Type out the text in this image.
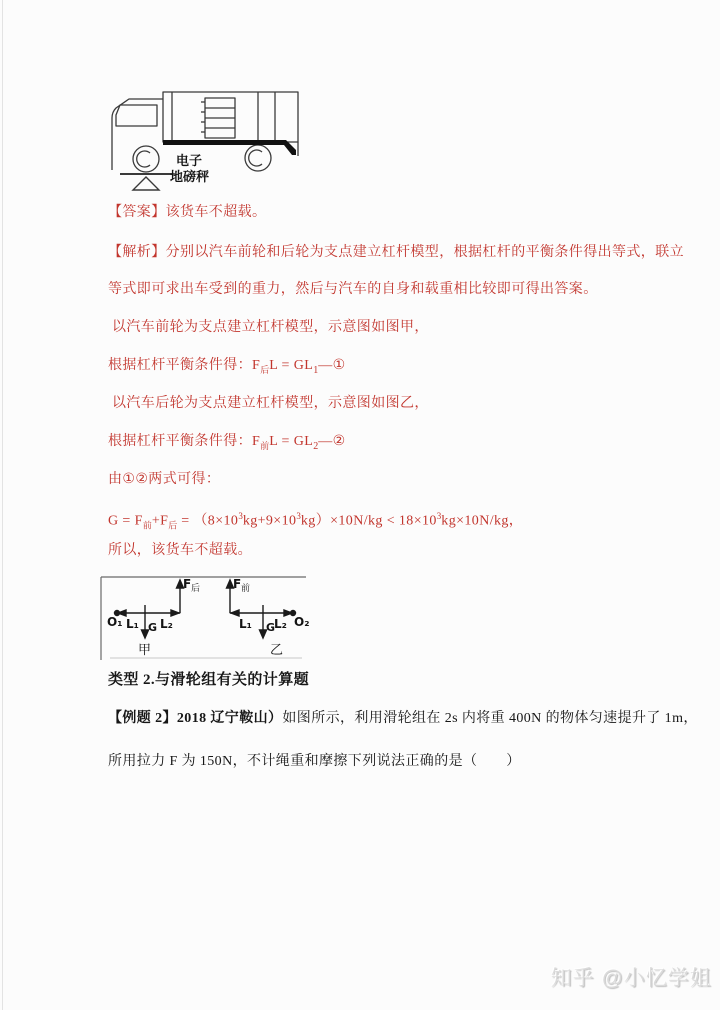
电子
地磅秤
【答案】该货车不超载。
【解析】分别以汽车前轮和后轮为支点建立杠杆模型，根据杠杆的平衡条件得出等式，联立
等式即可求出车受到的重力，然后与汽车的自身和载重相比较即可得出答案。
以汽车前轮为支点建立杠杆模型，示意图如图甲，
根据杠杆平衡条件得：$F_后L$ = $GL_1—①$
以汽车后轮为支点建立杠杆模型，示意图如图乙，
根据杠杆平衡条件得：$F_前L$ = $GL_2—②$
由①②两式可得：
$G = F_前+F_后 = (8\times 10^3kg+9\times 10^3kg)\times 10N/kg < 18\times 10^3kg\times 10N/kg$，
所以，该货车不超载。
O₁ L₁ G L₂
F 后
甲
F 前
L₁ G
L₂ O₂
乙
类型 2.与滑轮组有关的计算题
【例题 2】2018 辽宁鞍山）如图所示，利用滑轮组在 2s 内将重 400N 的物体匀速提升了 1m，
所用拉力 F 为 150N，不计绳重和摩擦下列说法正确的是（　　）
知乎 @小忆学姐
